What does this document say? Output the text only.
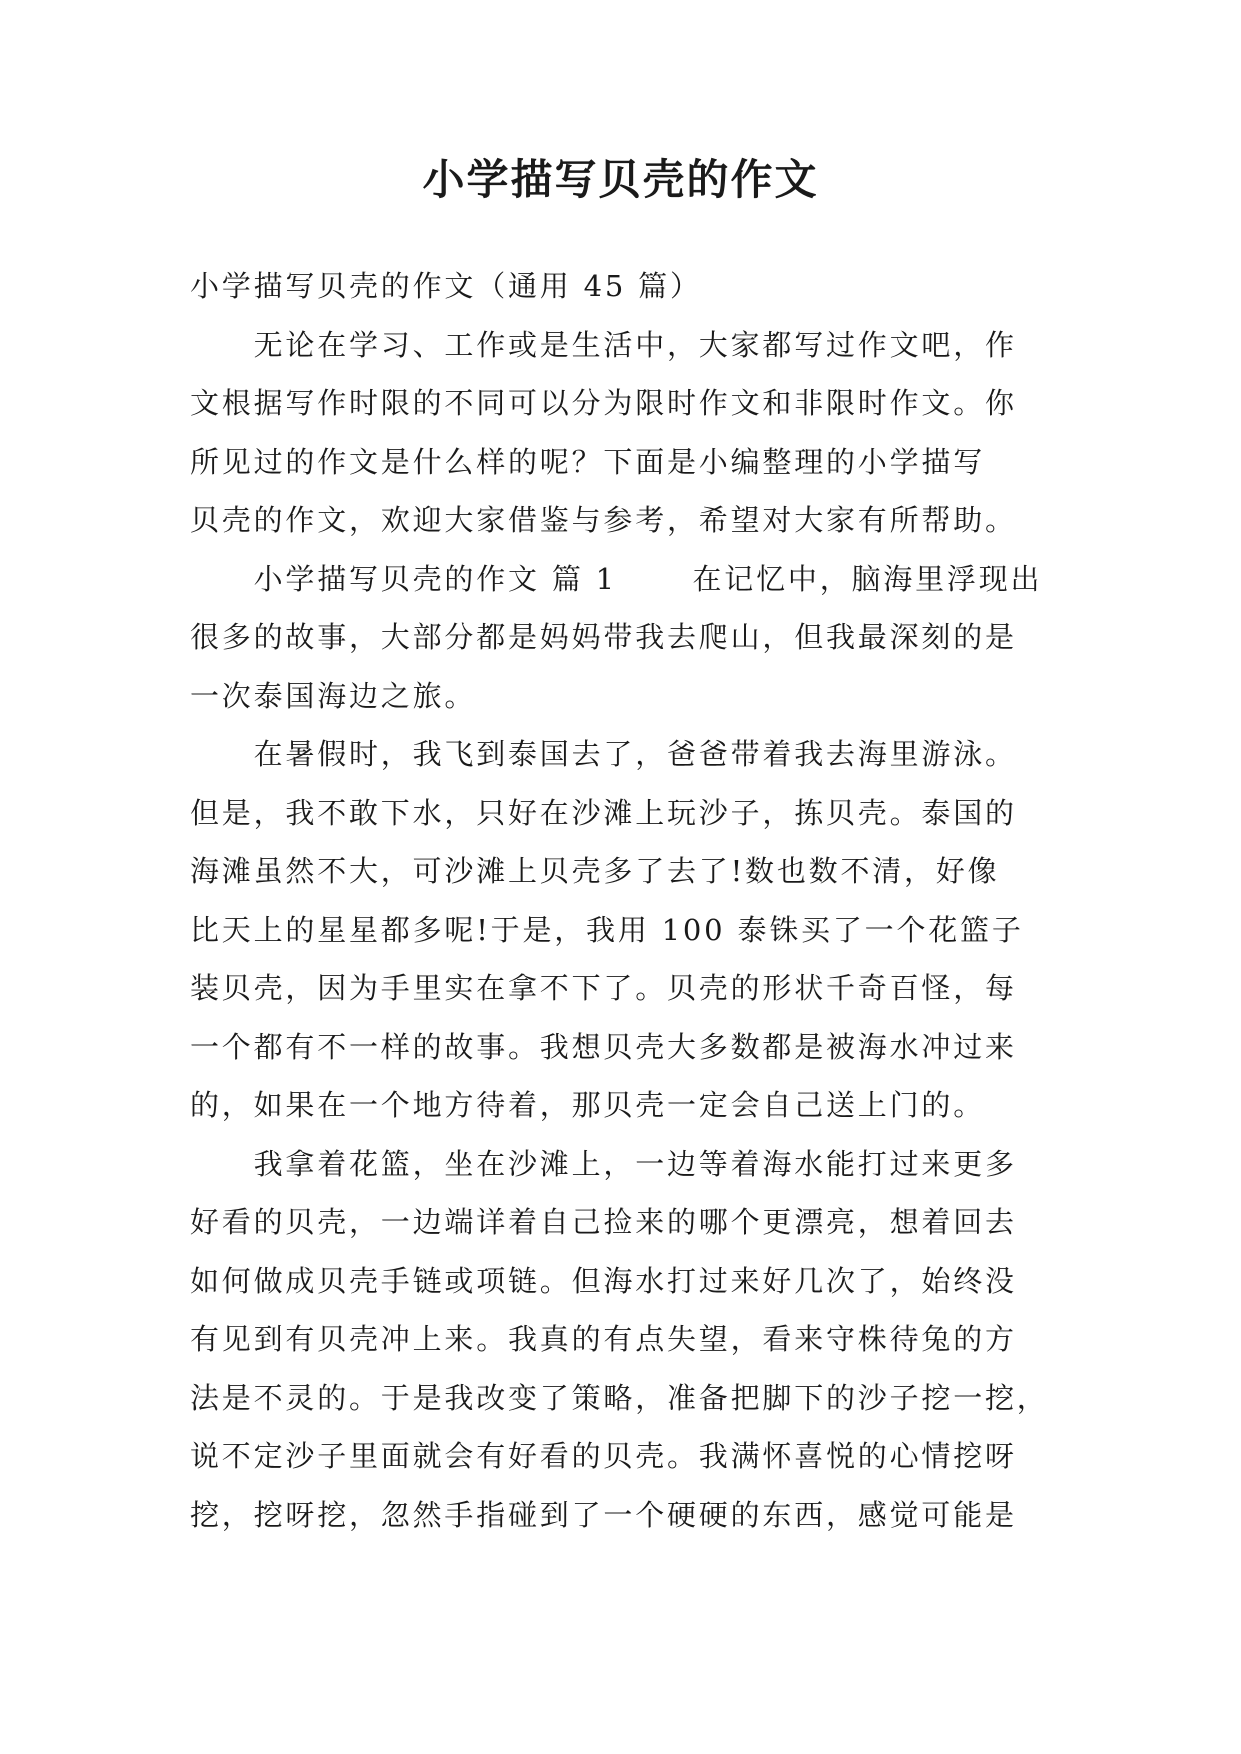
小学描写贝壳的作文
小学描写贝壳的作文（通用 45 篇）
　　无论在学习、工作或是生活中，大家都写过作文吧，作
文根据写作时限的不同可以分为限时作文和非限时作文。你
所见过的作文是什么样的呢？下面是小编整理的小学描写
贝壳的作文，欢迎大家借鉴与参考，希望对大家有所帮助。
　　小学描写贝壳的作文 篇 1　　 在记忆中，脑海里浮现出
很多的故事，大部分都是妈妈带我去爬山，但我最深刻的是
一次泰国海边之旅。
　　在暑假时，我飞到泰国去了，爸爸带着我去海里游泳。
但是，我不敢下水，只好在沙滩上玩沙子，拣贝壳。泰国的
海滩虽然不大，可沙滩上贝壳多了去了!数也数不清，好像
比天上的星星都多呢!于是，我用 100 泰铢买了一个花篮子
装贝壳，因为手里实在拿不下了。贝壳的形状千奇百怪，每
一个都有不一样的故事。我想贝壳大多数都是被海水冲过来
的，如果在一个地方待着，那贝壳一定会自己送上门的。
　　我拿着花篮，坐在沙滩上，一边等着海水能打过来更多
好看的贝壳，一边端详着自己捡来的哪个更漂亮，想着回去
如何做成贝壳手链或项链。但海水打过来好几次了，始终没
有见到有贝壳冲上来。我真的有点失望，看来守株待兔的方
法是不灵的。于是我改变了策略，准备把脚下的沙子挖一挖，
说不定沙子里面就会有好看的贝壳。我满怀喜悦的心情挖呀
挖，挖呀挖，忽然手指碰到了一个硬硬的东西，感觉可能是
